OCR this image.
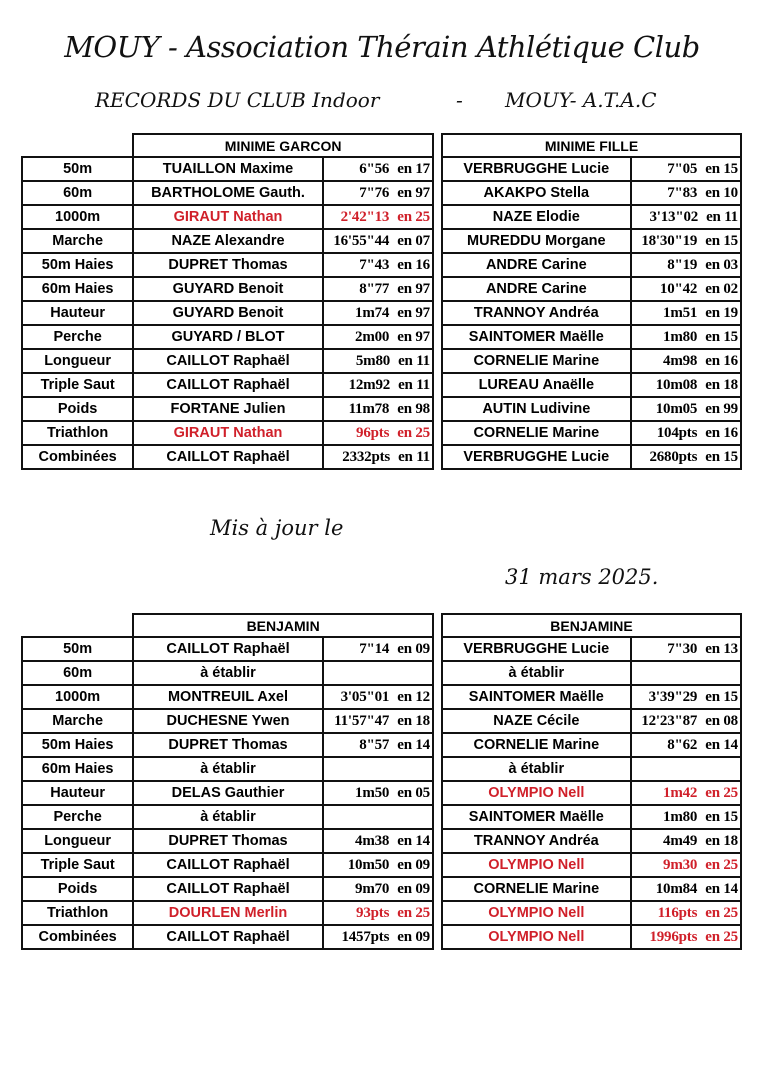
MOUY - Association Thérain Athlétique Club
RECORDS DU CLUB Indoor	- MOUY- A.T.A.C
	MINIME GARCON	
50m	TUAILLON Maxime	6"56 en 17
60m	BARTHOLOME Gauth.	7"76 en 97
1000m	GIRAUT Nathan	2'42"13 en 25
Marche	NAZE Alexandre	16'55"44 en 07
50m Haies	DUPRET Thomas	7"43 en 16
60m Haies	GUYARD Benoit	8"77 en 97
Hauteur	GUYARD Benoit	1m74 en 97
Perche	GUYARD / BLOT	2m00 en 97
Longueur	CAILLOT Raphaël	5m80 en 11
Triple Saut	CAILLOT Raphaël	12m92 en 11
Poids	FORTANE Julien	11m78 en 98
Triathlon	GIRAUT Nathan	96pts en 25
Combinées	CAILLOT Raphaël	2332pts en 11
MINIME FILLE	
VERBRUGGHE Lucie	7"05 en 15
AKAKPO Stella	7"83 en 10
NAZE Elodie	3'13"02 en 11
MUREDDU Morgane	18'30"19 en 15
ANDRE Carine	8"19 en 03
ANDRE Carine	10"42 en 02
TRANNOY Andréa	1m51 en 19
SAINTOMER Maëlle	1m80 en 15
CORNELIE Marine	4m98 en 16
LUREAU Anaëlle	10m08 en 18
AUTIN Ludivine	10m05 en 99
CORNELIE Marine	104pts en 16
VERBRUGGHE Lucie	2680pts en 15
Mis à jour le
31 mars 2025.
	BENJAMIN	
50m	CAILLOT Raphaël	7"14 en 09
60m	à établir	
1000m	MONTREUIL Axel	3'05"01 en 12
Marche	DUCHESNE Ywen	11'57"47 en 18
50m Haies	DUPRET Thomas	8"57 en 14
60m Haies	à établir	
Hauteur	DELAS Gauthier	1m50 en 05
Perche	à établir	
Longueur	DUPRET Thomas	4m38 en 14
Triple Saut	CAILLOT Raphaël	10m50 en 09
Poids	CAILLOT Raphaël	9m70 en 09
Triathlon	DOURLEN Merlin	93pts en 25
Combinées	CAILLOT Raphaël	1457pts en 09
BENJAMINE	
VERBRUGGHE Lucie	7"30 en 13
à établir	
SAINTOMER Maëlle	3'39"29 en 15
NAZE Cécile	12'23"87 en 08
CORNELIE Marine	8"62 en 14
à établir	
OLYMPIO Nell	1m42 en 25
SAINTOMER Maëlle	1m80 en 15
TRANNOY Andréa	4m49 en 18
OLYMPIO Nell	9m30 en 25
CORNELIE Marine	10m84 en 14
OLYMPIO Nell	116pts en 25
OLYMPIO Nell	1996pts en 25
